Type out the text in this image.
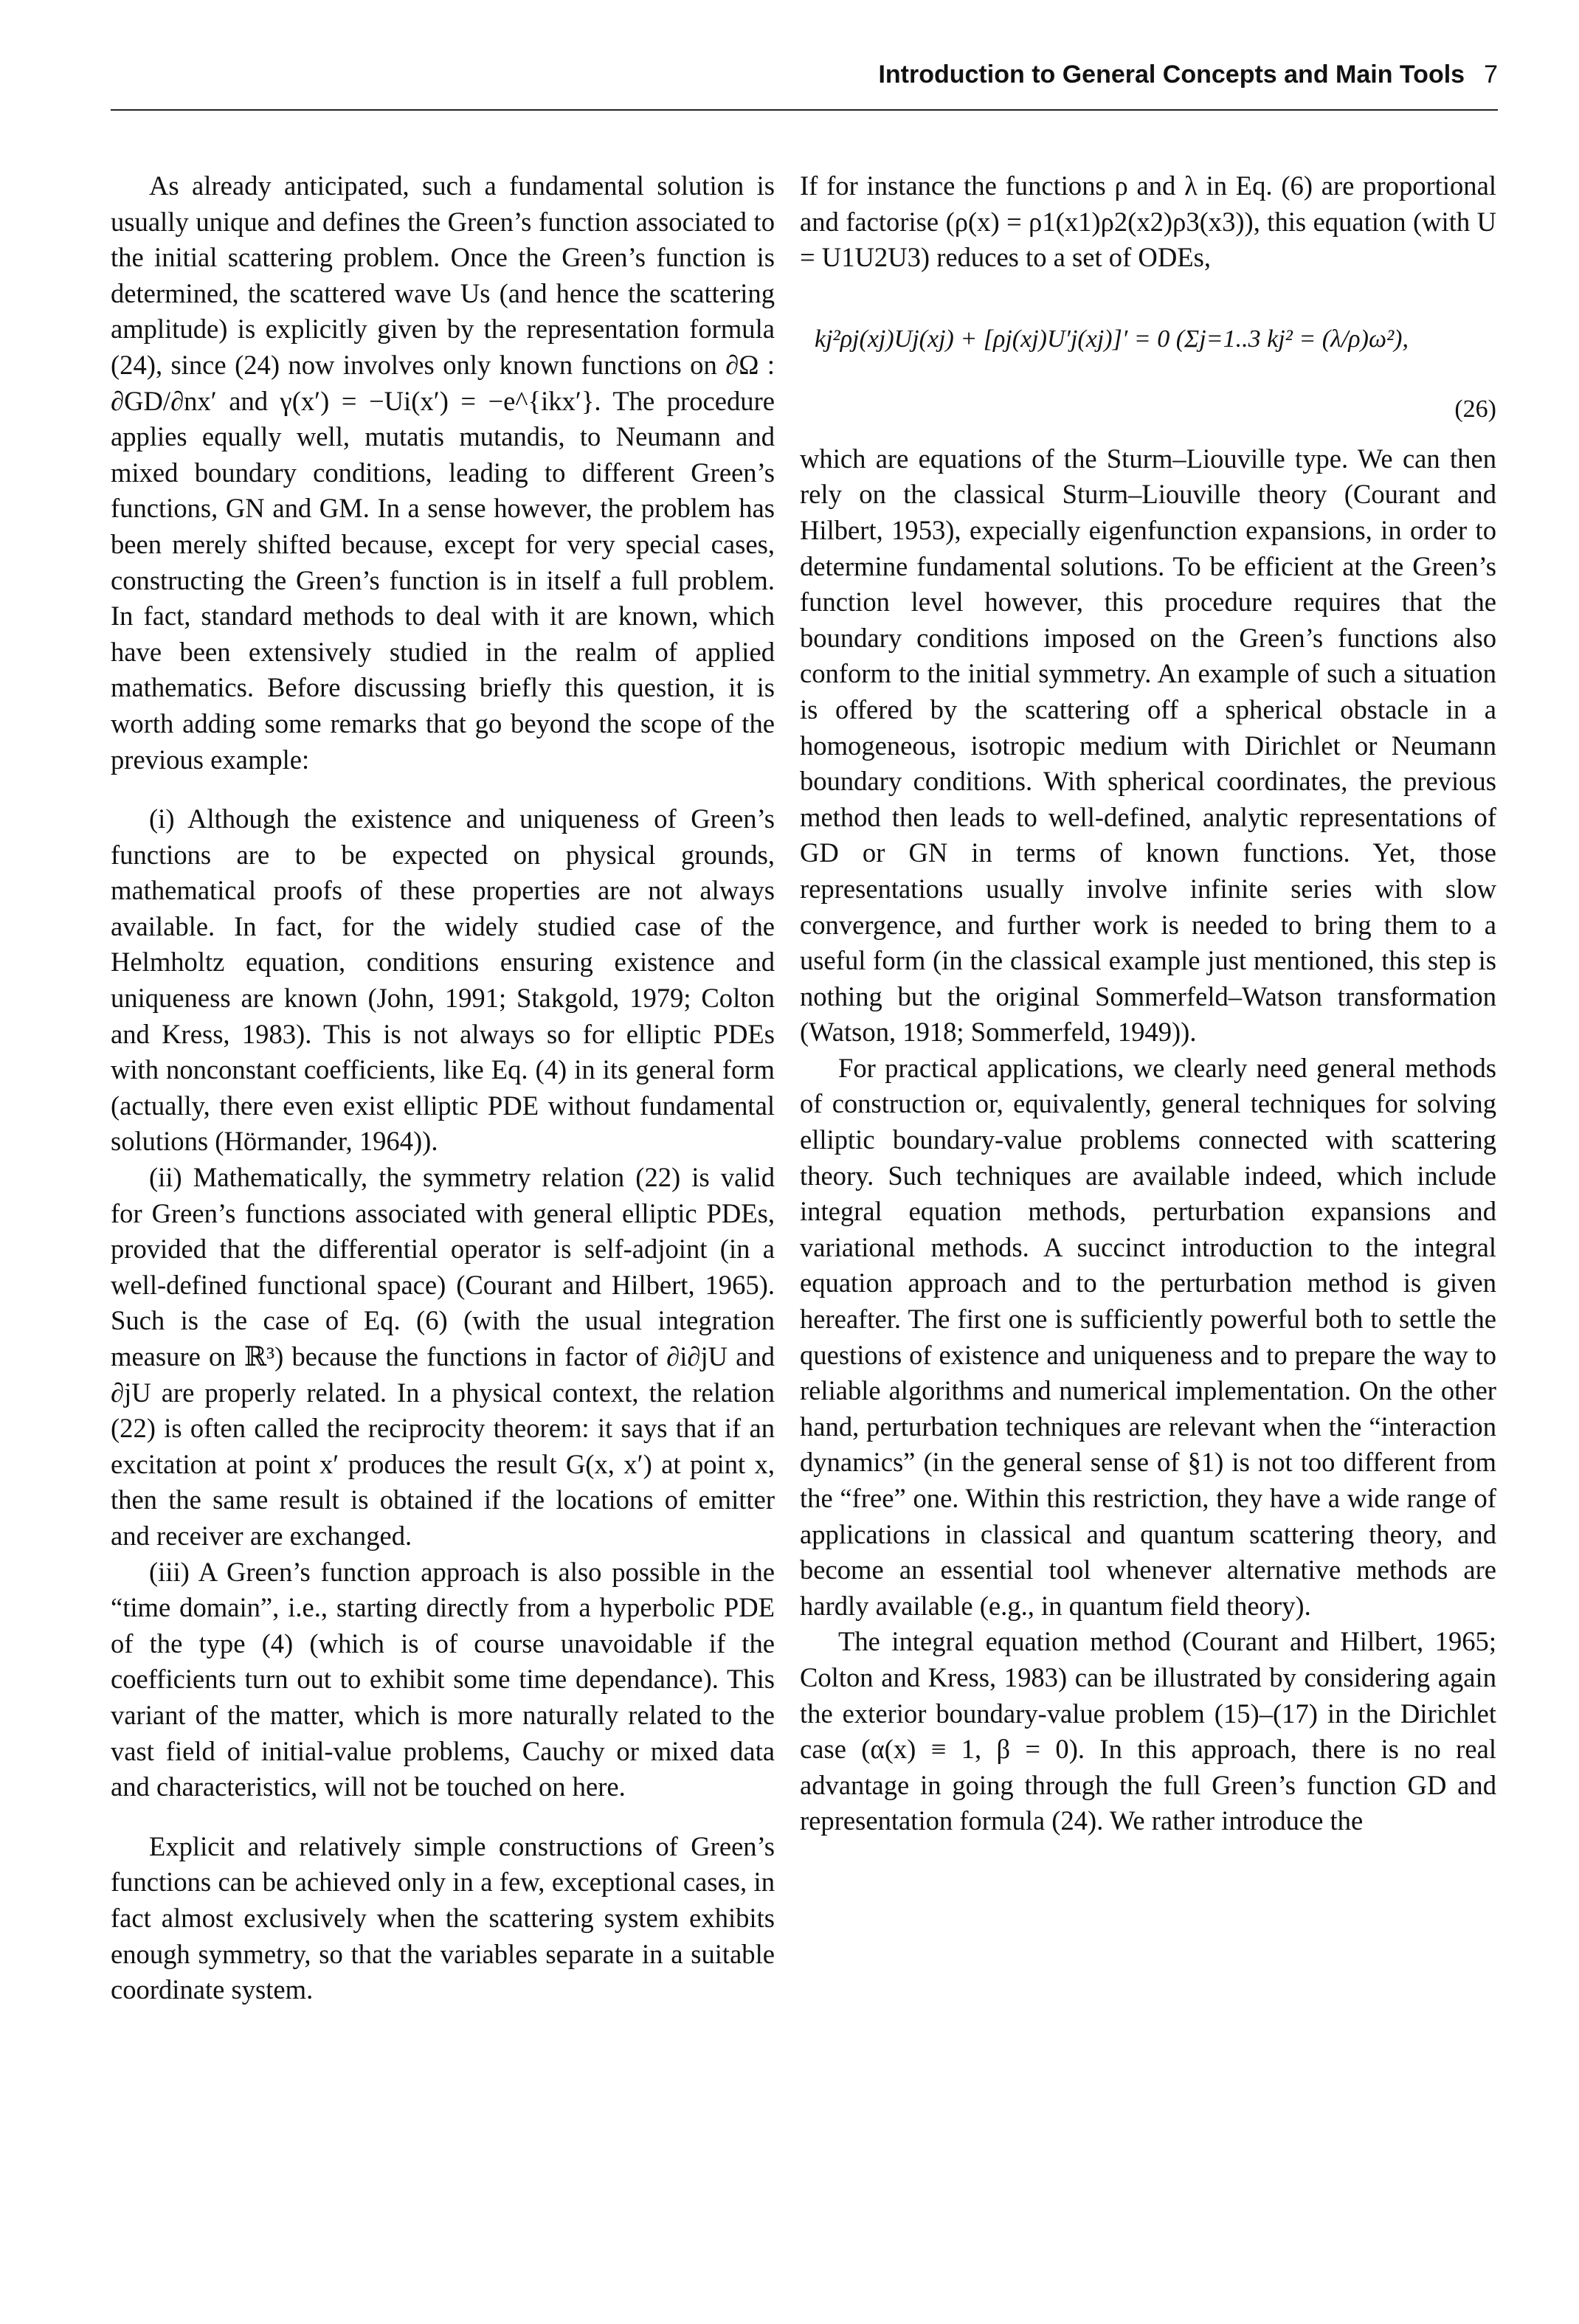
Introduction to General Concepts and Main Tools 7

As already anticipated, such a fundamental solution is usually unique and defines the Green’s function associated to the initial scattering problem. Once the Green’s function is determined, the scattered wave Us (and hence the scattering amplitude) is explicitly given by the representation formula (24), since (24) now involves only known functions on ∂Ω : ∂GD/∂nx′ and γ(x′) = −Ui(x′) = −e^{ikx′}. The procedure applies equally well, mutatis mutandis, to Neumann and mixed boundary conditions, leading to different Green’s functions, GN and GM. In a sense however, the problem has been merely shifted because, except for very special cases, constructing the Green’s function is in itself a full problem. In fact, standard methods to deal with it are known, which have been extensively studied in the realm of applied mathematics. Before discussing briefly this question, it is worth adding some remarks that go beyond the scope of the previous example:

(i) Although the existence and uniqueness of Green’s functions are to be expected on physical grounds, mathematical proofs of these properties are not always available. In fact, for the widely studied case of the Helmholtz equation, conditions ensuring existence and uniqueness are known (John, 1991; Stakgold, 1979; Colton and Kress, 1983). This is not always so for elliptic PDEs with nonconstant coefficients, like Eq. (4) in its general form (actually, there even exist elliptic PDE without fundamental solutions (Hörmander, 1964)).

(ii) Mathematically, the symmetry relation (22) is valid for Green’s functions associated with general elliptic PDEs, provided that the differential operator is self-adjoint (in a well-defined functional space) (Courant and Hilbert, 1965). Such is the case of Eq. (6) (with the usual integration measure on ℝ³) because the functions in factor of ∂i∂jU and ∂jU are properly related. In a physical context, the relation (22) is often called the reciprocity theorem: it says that if an excitation at point x′ produces the result G(x, x′) at point x, then the same result is obtained if the locations of emitter and receiver are exchanged.

(iii) A Green’s function approach is also possible in the “time domain”, i.e., starting directly from a hyperbolic PDE of the type (4) (which is of course unavoidable if the coefficients turn out to exhibit some time dependance). This variant of the matter, which is more naturally related to the vast field of initial-value problems, Cauchy or mixed data and characteristics, will not be touched on here.

Explicit and relatively simple constructions of Green’s functions can be achieved only in a few, exceptional cases, in fact almost exclusively when the scattering system exhibits enough symmetry, so that the variables separate in a suitable coordinate system.

If for instance the functions ρ and λ in Eq. (6) are proportional and factorise (ρ(x) = ρ1(x1)ρ2(x2)ρ3(x3)), this equation (with U = U1U2U3) reduces to a set of ODEs,

kj²ρj(xj)Uj(xj) + [ρj(xj)U′j(xj)]′ = 0 (Σj=1..3 kj² = (λ/ρ)ω²),
(26)

which are equations of the Sturm–Liouville type. We can then rely on the classical Sturm–Liouville theory (Courant and Hilbert, 1953), expecially eigenfunction expansions, in order to determine fundamental solutions. To be efficient at the Green’s function level however, this procedure requires that the boundary conditions imposed on the Green’s functions also conform to the initial symmetry. An example of such a situation is offered by the scattering off a spherical obstacle in a homogeneous, isotropic medium with Dirichlet or Neumann boundary conditions. With spherical coordinates, the previous method then leads to well-defined, analytic representations of GD or GN in terms of known functions. Yet, those representations usually involve infinite series with slow convergence, and further work is needed to bring them to a useful form (in the classical example just mentioned, this step is nothing but the original Sommerfeld–Watson transformation (Watson, 1918; Sommerfeld, 1949)).

For practical applications, we clearly need general methods of construction or, equivalently, general techniques for solving elliptic boundary-value problems connected with scattering theory. Such techniques are available indeed, which include integral equation methods, perturbation expansions and variational methods. A succinct introduction to the integral equation approach and to the perturbation method is given hereafter. The first one is sufficiently powerful both to settle the questions of existence and uniqueness and to prepare the way to reliable algorithms and numerical implementation. On the other hand, perturbation techniques are relevant when the “interaction dynamics” (in the general sense of §1) is not too different from the “free” one. Within this restriction, they have a wide range of applications in classical and quantum scattering theory, and become an essential tool whenever alternative methods are hardly available (e.g., in quantum field theory).

The integral equation method (Courant and Hilbert, 1965; Colton and Kress, 1983) can be illustrated by considering again the exterior boundary-value problem (15)–(17) in the Dirichlet case (α(x) ≡ 1, β = 0). In this approach, there is no real advantage in going through the full Green’s function GD and representation formula (24). We rather introduce the
